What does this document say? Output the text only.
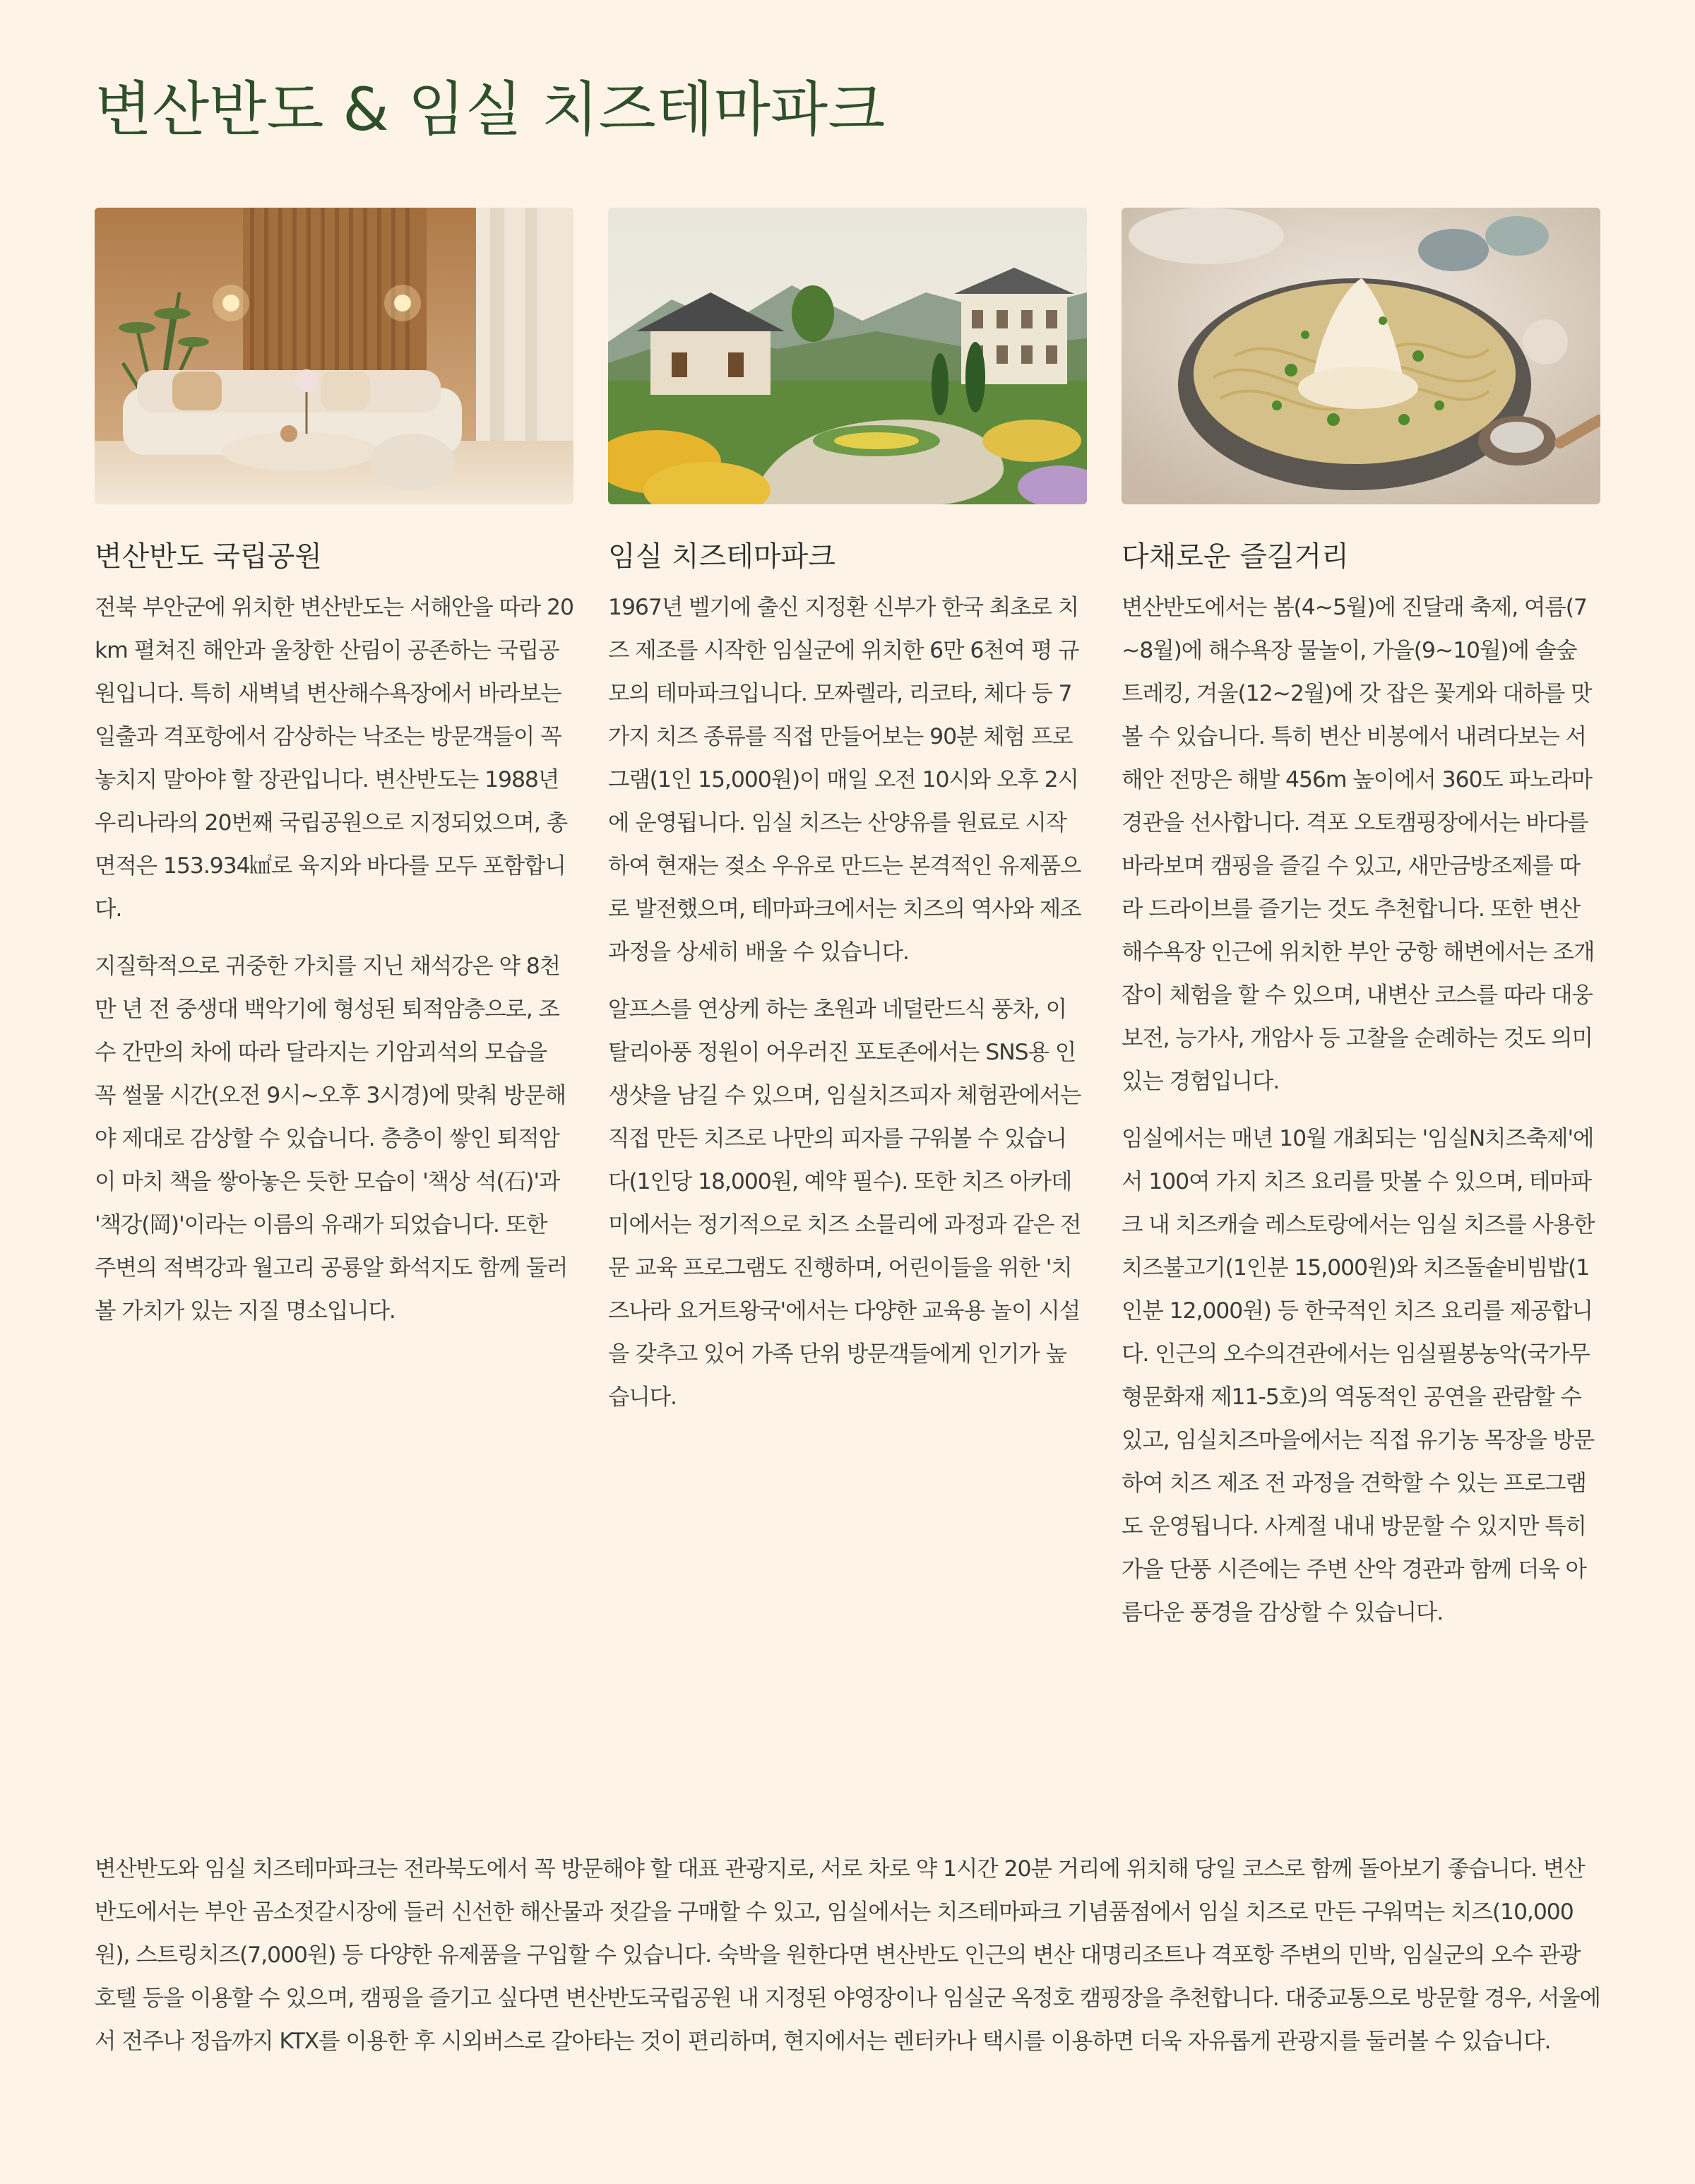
변산반도 & 임실 치즈테마파크
변산반도 국립공원

전북 부안군에 위치한 변산반도는 서해안을 따라 20km 펼쳐진 해안과 울창한 산림이 공존하는 국립공원입니다. 특히 새벽녘 변산해수욕장에서 바라보는 일출과 격포항에서 감상하는 낙조는 방문객들이 꼭 놓치지 말아야 할 장관입니다. 변산반도는 1988년 우리나라의 20번째 국립공원으로 지정되었으며, 총 면적은 153.934㎢로 육지와 바다를 모두 포함합니다.

지질학적으로 귀중한 가치를 지닌 채석강은 약 8천만 년 전 중생대 백악기에 형성된 퇴적암층으로, 조수 간만의 차에 따라 달라지는 기암괴석의 모습을 꼭 썰물 시간(오전 9시~오후 3시경)에 맞춰 방문해야 제대로 감상할 수 있습니다. 층층이 쌓인 퇴적암이 마치 책을 쌓아놓은 듯한 모습이 '책상 석(石)'과 '책강(岡)'이라는 이름의 유래가 되었습니다. 또한 주변의 적벽강과 월고리 공룡알 화석지도 함께 둘러볼 가치가 있는 지질 명소입니다.

임실 치즈테마파크

1967년 벨기에 출신 지정환 신부가 한국 최초로 치즈 제조를 시작한 임실군에 위치한 6만 6천여 평 규모의 테마파크입니다. 모짜렐라, 리코타, 체다 등 7가지 치즈 종류를 직접 만들어보는 90분 체험 프로그램(1인 15,000원)이 매일 오전 10시와 오후 2시에 운영됩니다. 임실 치즈는 산양유를 원료로 시작하여 현재는 젖소 우유로 만드는 본격적인 유제품으로 발전했으며, 테마파크에서는 치즈의 역사와 제조 과정을 상세히 배울 수 있습니다.

알프스를 연상케 하는 초원과 네덜란드식 풍차, 이탈리아풍 정원이 어우러진 포토존에서는 SNS용 인생샷을 남길 수 있으며, 임실치즈피자 체험관에서는 직접 만든 치즈로 나만의 피자를 구워볼 수 있습니다(1인당 18,000원, 예약 필수). 또한 치즈 아카데미에서는 정기적으로 치즈 소믈리에 과정과 같은 전문 교육 프로그램도 진행하며, 어린이들을 위한 '치즈나라 요거트왕국'에서는 다양한 교육용 놀이 시설을 갖추고 있어 가족 단위 방문객들에게 인기가 높습니다.

다채로운 즐길거리

변산반도에서는 봄(4~5월)에 진달래 축제, 여름(7~8월)에 해수욕장 물놀이, 가을(9~10월)에 솔숲 트레킹, 겨울(12~2월)에 갓 잡은 꽃게와 대하를 맛볼 수 있습니다. 특히 변산 비봉에서 내려다보는 서해안 전망은 해발 456m 높이에서 360도 파노라마 경관을 선사합니다. 격포 오토캠핑장에서는 바다를 바라보며 캠핑을 즐길 수 있고, 새만금방조제를 따라 드라이브를 즐기는 것도 추천합니다. 또한 변산해수욕장 인근에 위치한 부안 궁항 해변에서는 조개잡이 체험을 할 수 있으며, 내변산 코스를 따라 대웅보전, 능가사, 개암사 등 고찰을 순례하는 것도 의미 있는 경험입니다.

임실에서는 매년 10월 개최되는 '임실N치즈축제'에서 100여 가지 치즈 요리를 맛볼 수 있으며, 테마파크 내 치즈캐슬 레스토랑에서는 임실 치즈를 사용한 치즈불고기(1인분 15,000원)와 치즈돌솥비빔밥(1인분 12,000원) 등 한국적인 치즈 요리를 제공합니다. 인근의 오수의견관에서는 임실필봉농악(국가무형문화재 제11-5호)의 역동적인 공연을 관람할 수 있고, 임실치즈마을에서는 직접 유기농 목장을 방문하여 치즈 제조 전 과정을 견학할 수 있는 프로그램도 운영됩니다. 사계절 내내 방문할 수 있지만 특히 가을 단풍 시즌에는 주변 산악 경관과 함께 더욱 아름다운 풍경을 감상할 수 있습니다.

변산반도와 임실 치즈테마파크는 전라북도에서 꼭 방문해야 할 대표 관광지로, 서로 차로 약 1시간 20분 거리에 위치해 당일 코스로 함께 돌아보기 좋습니다. 변산반도에서는 부안 곰소젓갈시장에 들러 신선한 해산물과 젓갈을 구매할 수 있고, 임실에서는 치즈테마파크 기념품점에서 임실 치즈로 만든 구워먹는 치즈(10,000원), 스트링치즈(7,000원) 등 다양한 유제품을 구입할 수 있습니다. 숙박을 원한다면 변산반도 인근의 변산 대명리조트나 격포항 주변의 민박, 임실군의 오수 관광호텔 등을 이용할 수 있으며, 캠핑을 즐기고 싶다면 변산반도국립공원 내 지정된 야영장이나 임실군 옥정호 캠핑장을 추천합니다. 대중교통으로 방문할 경우, 서울에서 전주나 정읍까지 KTX를 이용한 후 시외버스로 갈아타는 것이 편리하며, 현지에서는 렌터카나 택시를 이용하면 더욱 자유롭게 관광지를 둘러볼 수 있습니다.
